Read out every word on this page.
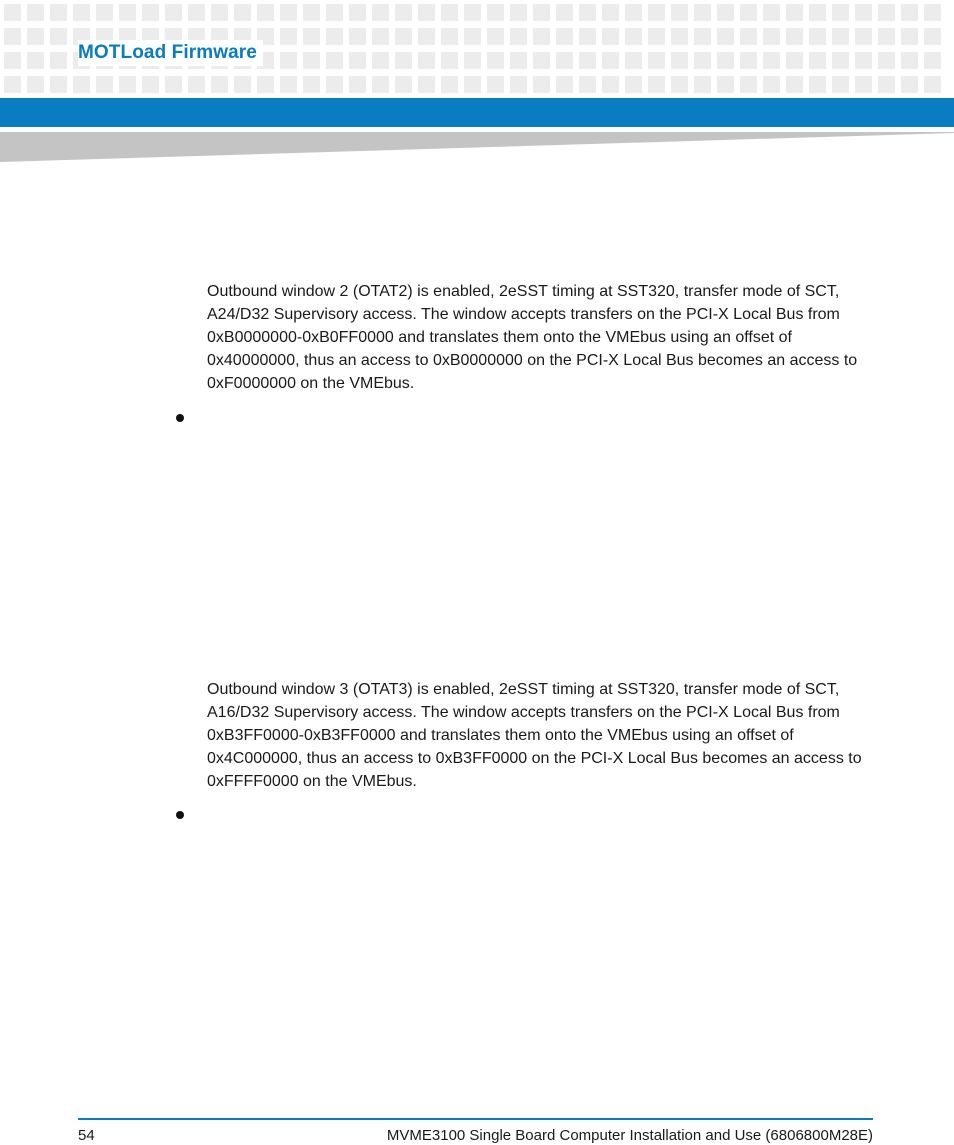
MOTLoad Firmware

Outbound window 2 (OTAT2) is enabled, 2eSST timing at SST320, transfer mode of SCT, A24/D32 Supervisory access. The window accepts transfers on the PCI-X Local Bus from 0xB0000000-0xB0FF0000 and translates them onto the VMEbus using an offset of 0x40000000, thus an access to 0xB0000000 on the PCI-X Local Bus becomes an access to 0xF0000000 on the VMEbus.

Outbound window 3 (OTAT3) is enabled, 2eSST timing at SST320, transfer mode of SCT, A16/D32 Supervisory access. The window accepts transfers on the PCI-X Local Bus from 0xB3FF0000-0xB3FF0000 and translates them onto the VMEbus using an offset of 0x4C000000, thus an access to 0xB3FF0000 on the PCI-X Local Bus becomes an access to 0xFFFF0000 on the VMEbus.

54	MVME3100 Single Board Computer Installation and Use (6806800M28E)
